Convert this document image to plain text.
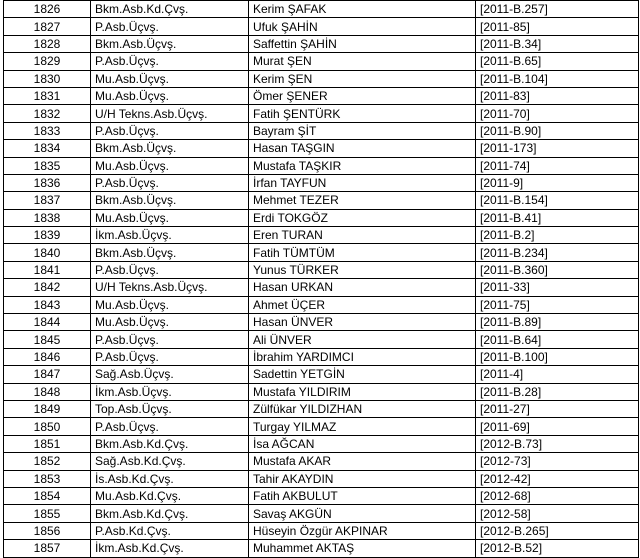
1826	Bkm.Asb.Kd.Çvş.	Kerim ŞAFAK	[2011-B.257]
1827	P.Asb.Üçvş.	Ufuk ŞAHİN	[2011-85]
1828	Bkm.Asb.Üçvş.	Saffettin ŞAHİN	[2011-B.34]
1829	P.Asb.Üçvş.	Murat ŞEN	[2011-B.65]
1830	Mu.Asb.Üçvş.	Kerim ŞEN	[2011-B.104]
1831	Mu.Asb.Üçvş.	Ömer ŞENER	[2011-83]
1832	U/H Tekns.Asb.Üçvş.	Fatih ŞENTÜRK	[2011-70]
1833	P.Asb.Üçvş.	Bayram ŞİT	[2011-B.90]
1834	Bkm.Asb.Üçvş.	Hasan TAŞGIN	[2011-173]
1835	Mu.Asb.Üçvş.	Mustafa TAŞKIR	[2011-74]
1836	P.Asb.Üçvş.	İrfan TAYFUN	[2011-9]
1837	Bkm.Asb.Üçvş.	Mehmet TEZER	[2011-B.154]
1838	Mu.Asb.Üçvş.	Erdi TOKGÖZ	[2011-B.41]
1839	İkm.Asb.Üçvş.	Eren TURAN	[2011-B.2]
1840	Bkm.Asb.Üçvş.	Fatih TÜMTÜM	[2011-B.234]
1841	P.Asb.Üçvş.	Yunus TÜRKER	[2011-B.360]
1842	U/H Tekns.Asb.Üçvş.	Hasan URKAN	[2011-33]
1843	Mu.Asb.Üçvş.	Ahmet ÜÇER	[2011-75]
1844	Mu.Asb.Üçvş.	Hasan ÜNVER	[2011-B.89]
1845	P.Asb.Üçvş.	Ali ÜNVER	[2011-B.64]
1846	P.Asb.Üçvş.	İbrahim YARDIMCI	[2011-B.100]
1847	Sağ.Asb.Üçvş.	Sadettin YETGİN	[2011-4]
1848	İkm.Asb.Üçvş.	Mustafa YILDIRIM	[2011-B.28]
1849	Top.Asb.Üçvş.	Zülfükar YILDIZHAN	[2011-27]
1850	P.Asb.Üçvş.	Turgay YILMAZ	[2011-69]
1851	Bkm.Asb.Kd.Çvş.	İsa AĞCAN	[2012-B.73]
1852	Sağ.Asb.Kd.Çvş.	Mustafa AKAR	[2012-73]
1853	İs.Asb.Kd.Çvş.	Tahir AKAYDIN	[2012-42]
1854	Mu.Asb.Kd.Çvş.	Fatih AKBULUT	[2012-68]
1855	Bkm.Asb.Kd.Çvş.	Savaş AKGÜN	[2012-58]
1856	P.Asb.Kd.Çvş.	Hüseyin Özgür AKPINAR	[2012-B.265]
1857	İkm.Asb.Kd.Çvş.	Muhammet AKTAŞ	[2012-B.52]
